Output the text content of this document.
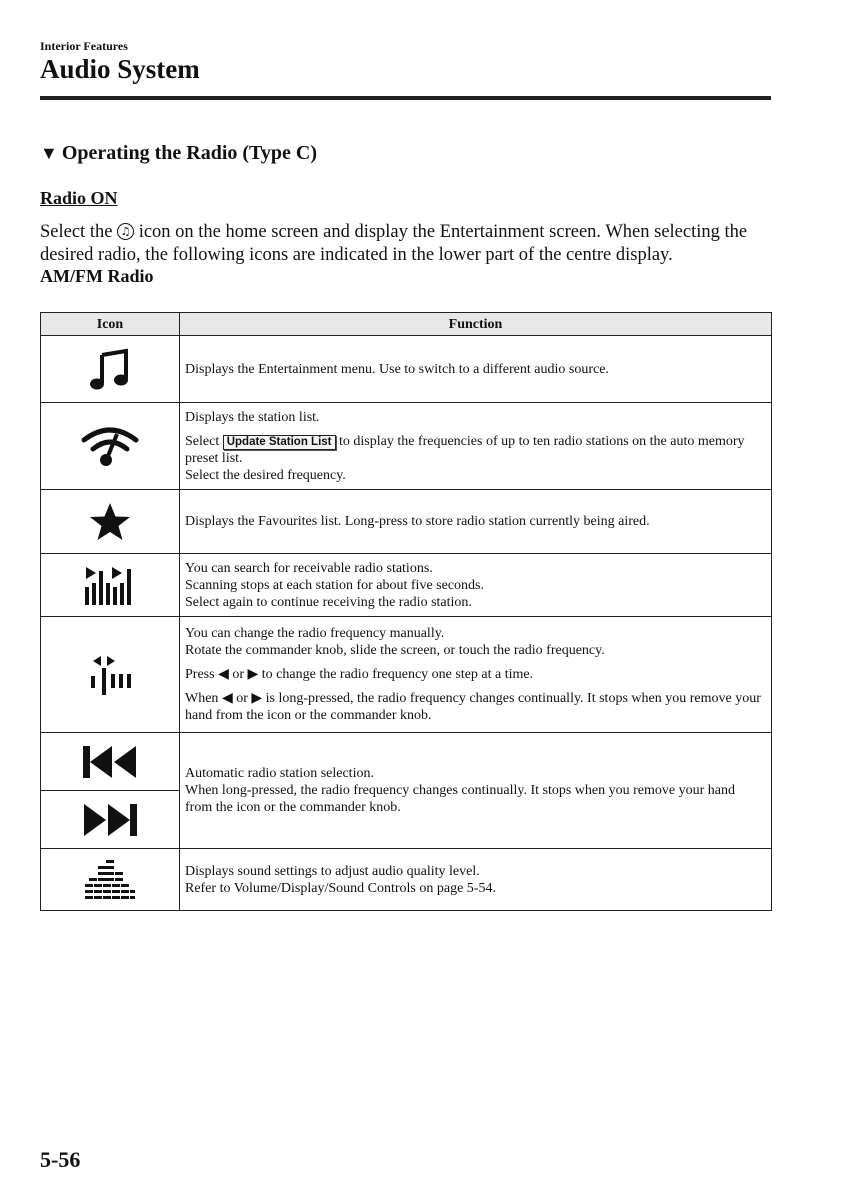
Interior Features
Audio System
▼ Operating the Radio (Type C)
Radio ON
Select the ♫ icon on the home screen and display the Entertainment screen. When selecting the desired radio, the following icons are indicated in the lower part of the centre display.
AM/FM Radio
Icon	Function

Displays the Entertainment menu. Use to switch to a different audio source.

Displays the station list.
Select Update Station List to display the frequencies of up to ten radio stations on the auto memory preset list.
Select the desired frequency.

Displays the Favourites list. Long-press to store radio station currently being aired.

You can search for receivable radio stations.
Scanning stops at each station for about five seconds.
Select again to continue receiving the radio station.

You can change the radio frequency manually.
Rotate the commander knob, slide the screen, or touch the radio frequency.
Press ◀ or ▶ to change the radio frequency one step at a time.
When ◀ or ▶ is long-pressed, the radio frequency changes continually. It stops when you remove your hand from the icon or the commander knob.

Automatic radio station selection.
When long-pressed, the radio frequency changes continually. It stops when you remove your hand from the icon or the commander knob.

Displays sound settings to adjust audio quality level.
Refer to Volume/Display/Sound Controls on page 5-54.
5-56
